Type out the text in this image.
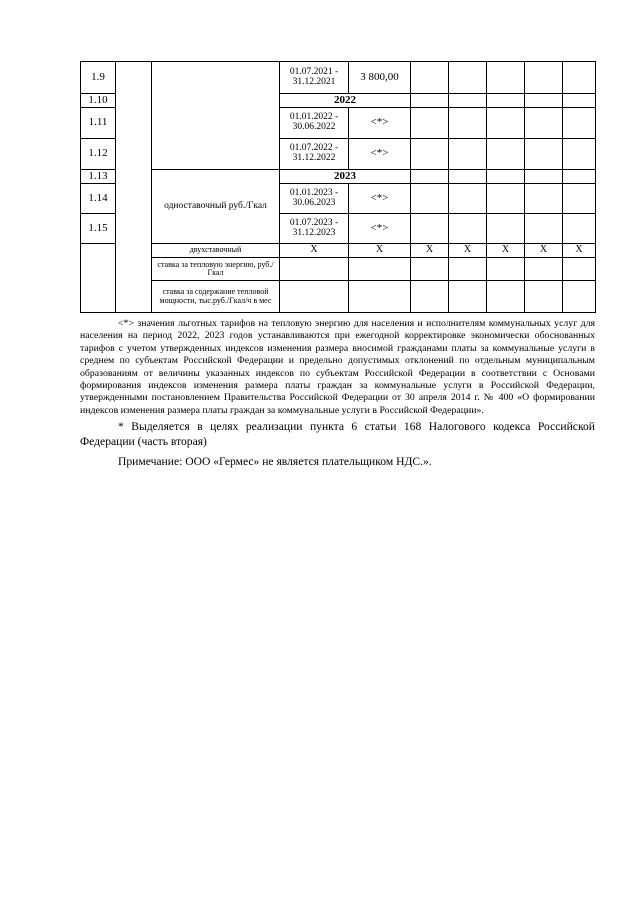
1.9			01.07.2021 - 31.12.2021	3 800,00					
1.10			2022						
1.11			01.01.2022 - 30.06.2022	<*>					
1.12			01.07.2022 - 31.12.2022	<*>					
1.13		одноставочный руб./Гкал	2023						
1.14			01.01.2023 - 30.06.2023	<*>					
1.15			01.07.2023 - 31.12.2023	<*>					
		двухставочный	X	X	X	X	X	X	X
		ставка за тепловую энергию, руб./Гкал							
		ставка за содержание тепловой мощности, тыс.руб./Гкал/ч в мес							

<*> значения льготных тарифов на тепловую энергию для населения и исполнителям коммунальных услуг для населения на период 2022, 2023 годов устанавливаются при ежегодной корректировке экономически обоснованных тарифов с учетом утвержденных индексов изменения размера вносимой гражданами платы за коммунальные услуги в среднем по субъектам Российской Федерации и предельно допустимых отклонений по отдельным муниципальным образованиям от величины указанных индексов по субъектам Российской Федерации в соответствии с Основами формирования индексов изменения размера платы граждан за коммунальные услуги в Российской Федерации, утвержденными постановлением Правительства Российской Федерации от 30 апреля 2014 г. № 400 «О формировании индексов изменения размера платы граждан за коммунальные услуги в Российской Федерации».

* Выделяется в целях реализации пункта 6 статьи 168 Налогового кодекса Российской Федерации (часть вторая)

Примечание: ООО «Гермес» не является плательщиком НДС.».
